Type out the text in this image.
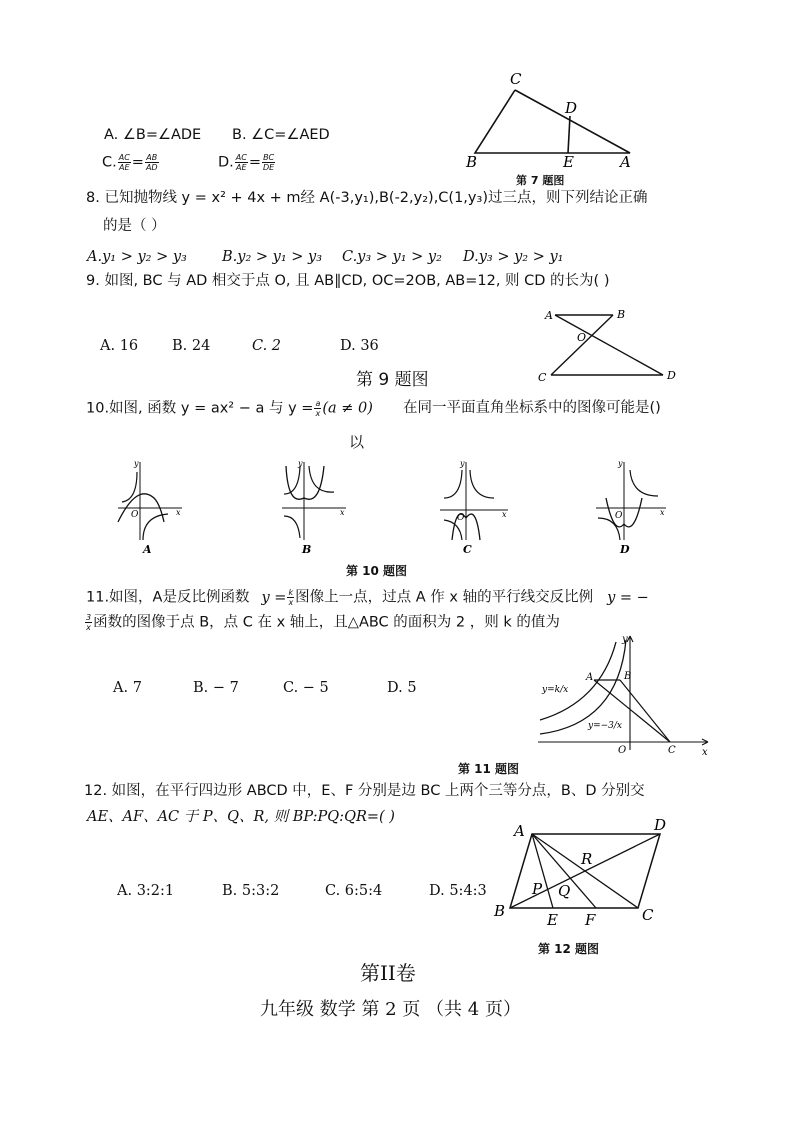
A. ∠B=∠ADE B. ∠C=∠AED
C. $\frac{AC}{AE} = \frac{AB}{AD}$	D. $\frac{AC}{AE} = \frac{BC}{DE}$
C
D
B	E	A
第 7 题图
8. 已知抛物线 y = x² + 4x + m经 A(-3,y₁),B(-2,y₂),C(1,y₃)过三点，则下列结论正确
的是（ ）
A.y₁ > y₂ > y₃ B.y₂ > y₁ > y₃ C.y₃ > y₁ > y₂ D.y₃ > y₂ > y₁
9. 如图, BC 与 AD 相交于点 O, 且 AB∥CD, OC=2OB, AB=12, 则 CD 的长为( )
A. 16 B. 24	C. 2	D. 36
A	B
O
C	D
第 9 题图
10.如图, 函数 y = ax² − a 与 $y = \frac{a}{x} (a \ne 0)$ 在同一平面直角坐标系中的图像可能是()
以
y
x
O
A
y
x
B
y
x
O
C
y
x
O
D
第 10 题图
11.如图，A是反比例函数 $y = \frac{k}{x}$ 图像上一点，过点 A 作 x 轴的平行线交反比例 y = −
$\frac{3}{x}$ 函数的图像于点 B，点 C 在 x 轴上，且△ABC 的面积为 2 ，则 k 的值为
A. 7	B. − 7	C. − 5	D. 5
y
x
A	B
O	C
y=k/x
y=−3/x
第 11 题图
12. 如图，在平行四边形 ABCD 中，E、F 分别是边 BC 上两个三等分点，B、D 分别交
AE、AF、AC 于 P、Q、R, 则 BP:PQ:QR=( )
A. 3:2:1	B. 5:3:2	C. 6:5:4	D. 5:4:3
A	D
R
P Q
B	E F	C
第 12 题图
第II卷
九年级 数学 第 2 页 （共 4 页）
